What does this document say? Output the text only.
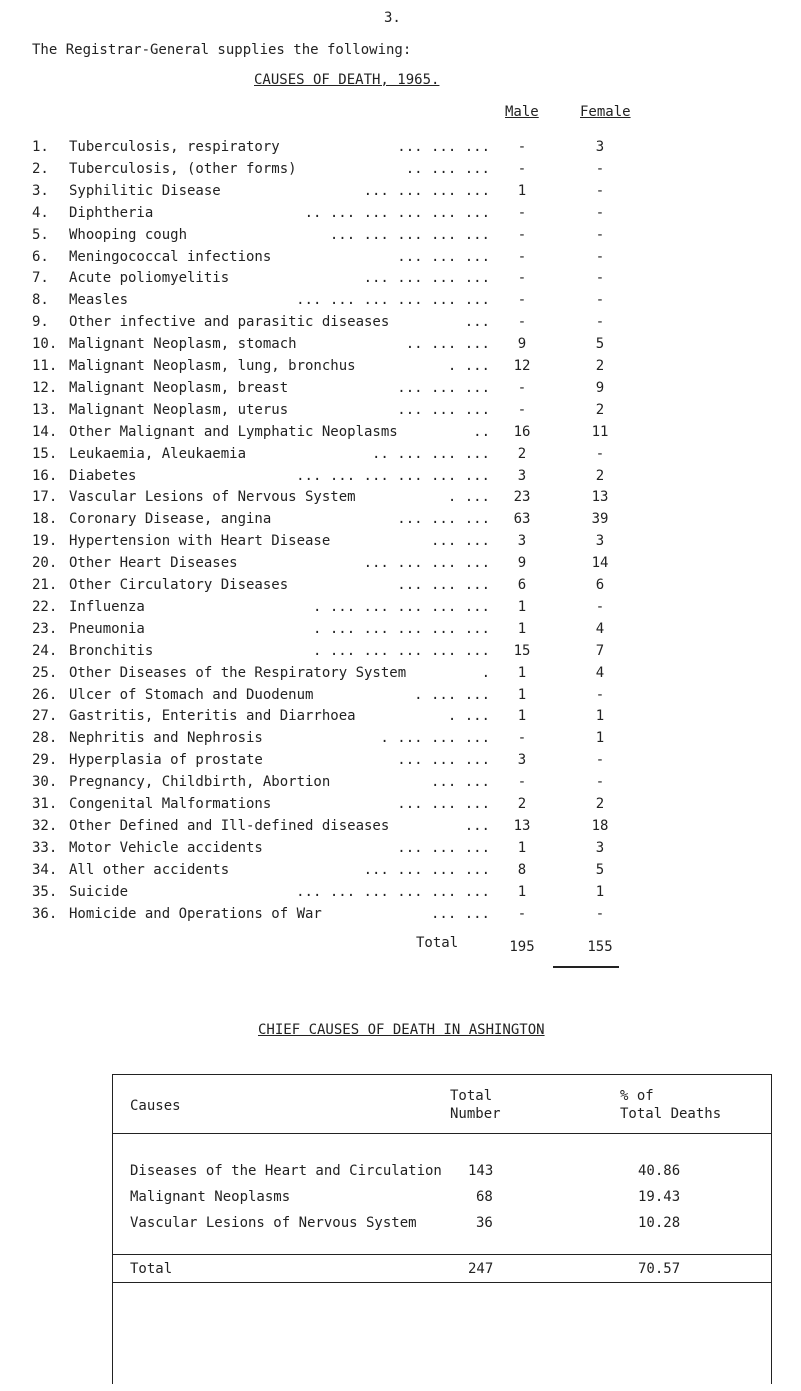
3.
The Registrar-General supplies the following:
CAUSES OF DEATH, 1965.
Male	Female
1.	Tuberculosis, respiratory	-	3
... ... ...
2.	Tuberculosis, (other forms)	-	-
.. ... ...
3.	Syphilitic Disease	1	-
... ... ... ...
4.	Diphtheria	-	-
.. ... ... ... ... ...
5.	Whooping cough	-	-
... ... ... ... ...
6.	Meningococcal infections	-	-
... ... ...
7.	Acute poliomyelitis	-	-
... ... ... ...
8.	Measles	-	-
... ... ... ... ... ...
9.	Other infective and parasitic diseases	-	-
...
10. Malignant Neoplasm, stomach	9	5
.. ... ...
11. Malignant Neoplasm, lung, bronchus	12	2
. ...
12. Malignant Neoplasm, breast	-	9
... ... ...
13. Malignant Neoplasm, uterus	-	2
... ... ...
14. Other Malignant and Lymphatic Neoplasms	16	11
..
15. Leukaemia, Aleukaemia	2	-
.. ... ... ...
16. Diabetes	3	2
... ... ... ... ... ...
17. Vascular Lesions of Nervous System	23	13
. ...
18. Coronary Disease, angina	63	39
... ... ...
19. Hypertension with Heart Disease	3	3
... ...
20. Other Heart Diseases	9	14
... ... ... ...
21. Other Circulatory Diseases	6	6
... ... ...
22. Influenza	1	-
. ... ... ... ... ...
23. Pneumonia	1	4
. ... ... ... ... ...
24. Bronchitis	15	7
. ... ... ... ... ...
25. Other Diseases of the Respiratory System	1	4
.
26. Ulcer of Stomach and Duodenum	1	-
. ... ...
27. Gastritis, Enteritis and Diarrhoea	1	1
. ...
28. Nephritis and Nephrosis	-	1
. ... ... ...
29. Hyperplasia of prostate	3	-
... ... ...
30. Pregnancy, Childbirth, Abortion	-	-
... ...
31. Congenital Malformations	2	2
... ... ...
32. Other Defined and Ill-defined diseases	13	18
...
33. Motor Vehicle accidents	1	3
... ... ...
34. All other accidents	8	5
... ... ... ...
35. Suicide	1	1
... ... ... ... ... ...
36. Homicide and Operations of War	-	-
... ...
Total	195	155
CHIEF CAUSES OF DEATH IN ASHINGTON
Causes
Total
Number
% of
Total Deaths
Diseases of the Heart and Circulation 143	40.86
Malignant Neoplasms	68	19.43
Vascular Lesions of Nervous System	36	10.28
Total	247	70.57
